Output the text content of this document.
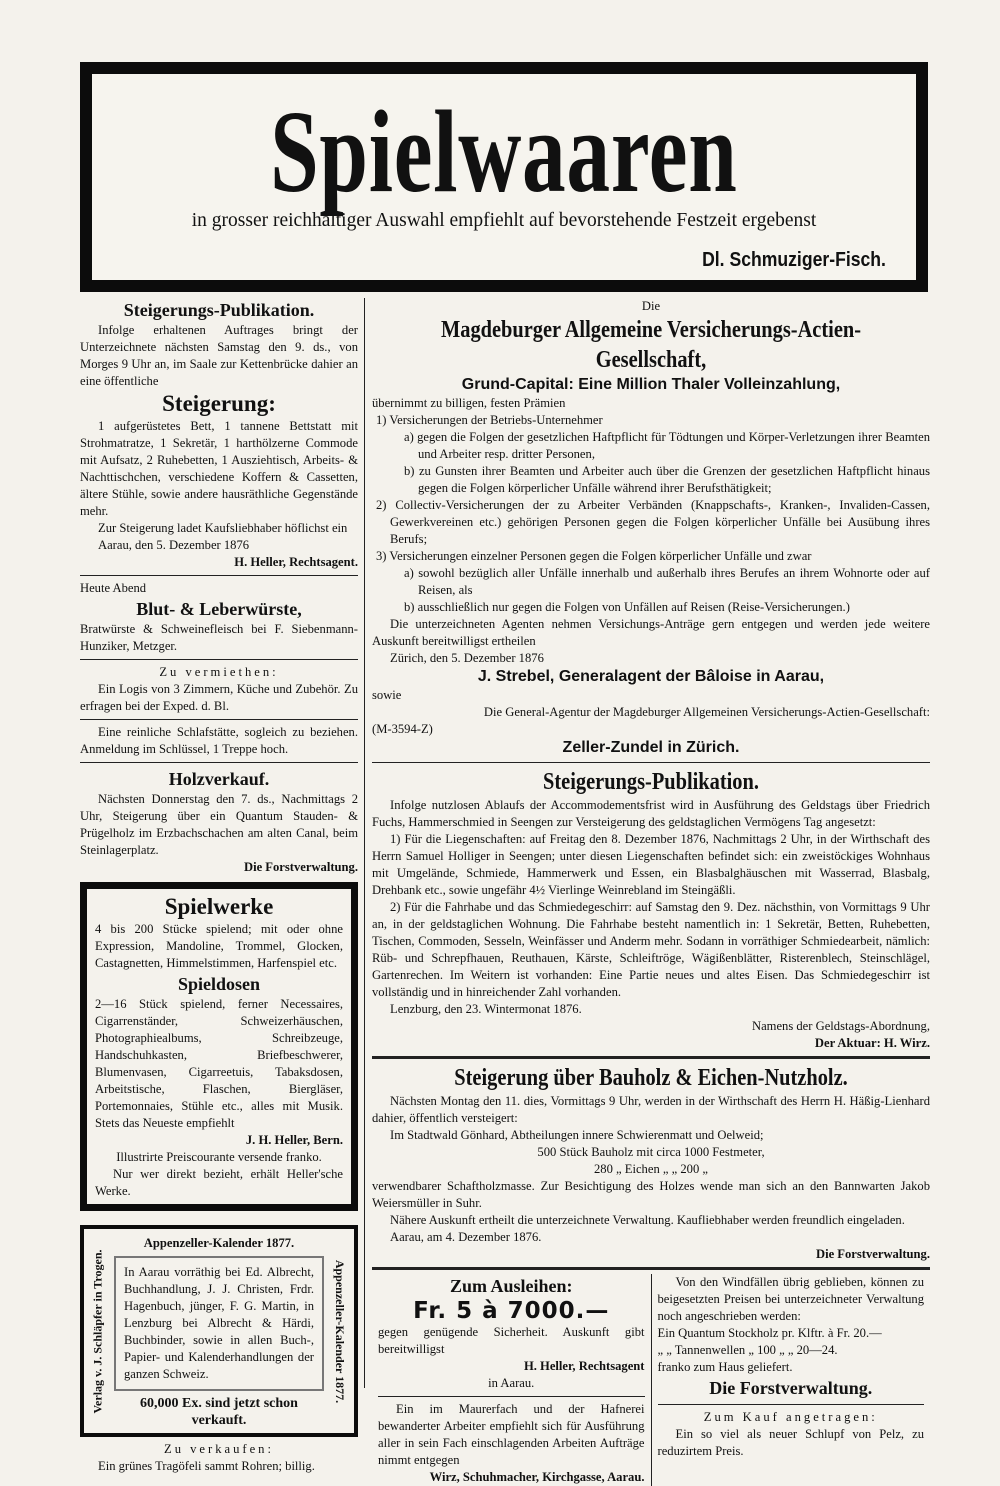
Spielwaaren
in grosser reichhaltiger Auswahl empfiehlt auf bevorstehende Festzeit ergebenst
Dl. Schmuziger-Fisch.
Steigerungs-Publikation.
Infolge erhaltenen Auftrages bringt der Unterzeichnete nächsten Samstag den 9. ds., von Morges 9 Uhr an, im Saale zur Kettenbrücke dahier an eine öffentliche
Steigerung:
1 aufgerüstetes Bett, 1 tannene Bettstatt mit Strohmatratze, 1 Sekretär, 1 harthölzerne Commode mit Aufsatz, 2 Ruhebetten, 1 Ausziehtisch, Arbeits- & Nachttischchen, verschiedene Koffern & Cassetten, ältere Stühle, sowie andere hausräthliche Gegenstände mehr.
Zur Steigerung ladet Kaufsliebhaber höflichst ein
Aarau, den 5. Dezember 1876
H. Heller, Rechtsagent.
Heute Abend
Blut- & Leberwürste,
Bratwürste & Schweinefleisch bei F. Siebenmann-Hunziker, Metzger.
Zu vermiethen:
Ein Logis von 3 Zimmern, Küche und Zubehör. Zu erfragen bei der Exped. d. Bl.
Eine reinliche Schlafstätte, sogleich zu beziehen. Anmeldung im Schlüssel, 1 Treppe hoch.
Holzverkauf.
Nächsten Donnerstag den 7. ds., Nachmittags 2 Uhr, Steigerung über ein Quantum Stauden- & Prügelholz im Erzbachschachen am alten Canal, beim Steinlagerplatz.
Die Forstverwaltung.
Spielwerke
4 bis 200 Stücke spielend; mit oder ohne Expression, Mandoline, Trommel, Glocken, Castagnetten, Himmelstimmen, Harfenspiel etc.
Spieldosen
2—16 Stück spielend, ferner Necessaires, Cigarrenständer, Schweizerhäuschen, Photographiealbums, Schreibzeuge, Handschuhkasten, Briefbeschwerer, Blumenvasen, Cigarreetuis, Tabaksdosen, Arbeitstische, Flaschen, Biergläser, Portemonnaies, Stühle etc., alles mit Musik. Stets das Neueste empfiehlt
J. H. Heller, Bern.
Illustrirte Preiscourante versende franko.
Nur wer direkt bezieht, erhält Heller'sche Werke.
Verlag v. J. Schläpfer in Trogen.	Appenzeller-Kalender 1877.
Appenzeller-Kalender 1877.
In Aarau vorräthig bei Ed. Albrecht, Buchhandlung, J. J. Christen, Frdr. Hagenbuch, jünger, F. G. Martin, in Lenzburg bei Albrecht & Härdi, Buchbinder, sowie in allen Buch-, Papier- und Kalenderhandlungen der ganzen Schweiz.
60,000 Ex. sind jetzt schon verkauft.
Zu verkaufen:
Ein grünes Tragöfeli sammt Rohren; billig.
Die
Magdeburger Allgemeine Versicherungs-Actien-Gesellschaft,
Grund-Capital: Eine Million Thaler Volleinzahlung,
übernimmt zu billigen, festen Prämien
1) Versicherungen der Betriebs-Unternehmer
a) gegen die Folgen der gesetzlichen Haftpflicht für Tödtungen und Körper-Verletzungen ihrer Beamten und Arbeiter resp. dritter Personen,
b) zu Gunsten ihrer Beamten und Arbeiter auch über die Grenzen der gesetzlichen Haftpflicht hinaus gegen die Folgen körperlicher Unfälle während ihrer Berufsthätigkeit;
2) Collectiv-Versicherungen der zu Arbeiter Verbänden (Knappschafts-, Kranken-, Invaliden-Cassen, Gewerkvereinen etc.) gehörigen Personen gegen die Folgen körperlicher Unfälle bei Ausübung ihres Berufs;
3) Versicherungen einzelner Personen gegen die Folgen körperlicher Unfälle und zwar
a) sowohl bezüglich aller Unfälle innerhalb und außerhalb ihres Berufes an ihrem Wohnorte oder auf Reisen, als
b) ausschließlich nur gegen die Folgen von Unfällen auf Reisen (Reise-Versicherungen.)
Die unterzeichneten Agenten nehmen Versichungs-Anträge gern entgegen und werden jede weitere Auskunft bereitwilligst ertheilen
Zürich, den 5. Dezember 1876
J. Strebel, Generalagent der Bâloise in Aarau,
sowie
Die General-Agentur der Magdeburger Allgemeinen Versicherungs-Actien-Gesellschaft:
(M-3594-Z)
Zeller-Zundel in Zürich.
Steigerungs-Publikation.
Infolge nutzlosen Ablaufs der Accommodementsfrist wird in Ausführung des Geldstags über Friedrich Fuchs, Hammerschmied in Seengen zur Versteigerung des geldstaglichen Vermögens Tag angesetzt:
1) Für die Liegenschaften: auf Freitag den 8. Dezember 1876, Nachmittags 2 Uhr, in der Wirthschaft des Herrn Samuel Holliger in Seengen; unter diesen Liegenschaften befindet sich: ein zweistöckiges Wohnhaus mit Umgelände, Schmiede, Hammerwerk und Essen, ein Blasbalghäuschen mit Wasserrad, Blasbalg, Drehbank etc., sowie ungefähr 4½ Vierlinge Weinrebland im Steingäßli.
2) Für die Fahrhabe und das Schmiedegeschirr: auf Samstag den 9. Dez. nächsthin, von Vormittags 9 Uhr an, in der geldstaglichen Wohnung. Die Fahrhabe besteht namentlich in: 1 Sekretär, Betten, Ruhebetten, Tischen, Commoden, Sesseln, Weinfässer und Anderm mehr. Sodann in vorräthiger Schmiedearbeit, nämlich: Rüb- und Schrepfhauen, Reuthauen, Kärste, Schleiftröge, Wägißenblätter, Risterenblech, Steinschlägel, Gartenrechen. Im Weitern ist vorhanden: Eine Partie neues und altes Eisen. Das Schmiedegeschirr ist vollständig und in hinreichender Zahl vorhanden.
Lenzburg, den 23. Wintermonat 1876.
Namens der Geldstags-Abordnung,
Der Aktuar: H. Wirz.
Steigerung über Bauholz & Eichen-Nutzholz.
Nächsten Montag den 11. dies, Vormittags 9 Uhr, werden in der Wirthschaft des Herrn H. Häßig-Lienhard dahier, öffentlich versteigert:
Im Stadtwald Gönhard, Abtheilungen innere Schwierenmatt und Oelweid;
500 Stück Bauholz mit circa 1000 Festmeter,
280 „ Eichen „ „ 200 „
verwendbarer Schaftholzmasse. Zur Besichtigung des Holzes wende man sich an den Bannwarten Jakob Weiersmüller in Suhr.
Nähere Auskunft ertheilt die unterzeichnete Verwaltung. Kaufliebhaber werden freundlich eingeladen.
Aarau, am 4. Dezember 1876.
Die Forstverwaltung.
Zum Ausleihen:
Fr. 5 à 7000.—
gegen genügende Sicherheit. Auskunft gibt bereitwilligst
H. Heller, Rechtsagent
in Aarau.
Ein im Maurerfach und der Hafnerei bewanderter Arbeiter empfiehlt sich für Ausführung aller in sein Fach einschlagenden Arbeiten Aufträge nimmt entgegen
Wirz, Schuhmacher, Kirchgasse, Aarau.
Von den Windfällen übrig geblieben, können zu beigesetzten Preisen bei unterzeichneter Verwaltung noch angeschrieben werden:
Ein Quantum Stockholz pr. Klftr. à Fr. 20.—
„ „ Tannenwellen „ 100 „ „ 20—24.
franko zum Haus geliefert.
Die Forstverwaltung.
Zum Kauf angetragen:
Ein so viel als neuer Schlupf von Pelz, zu reduzirtem Preis.
